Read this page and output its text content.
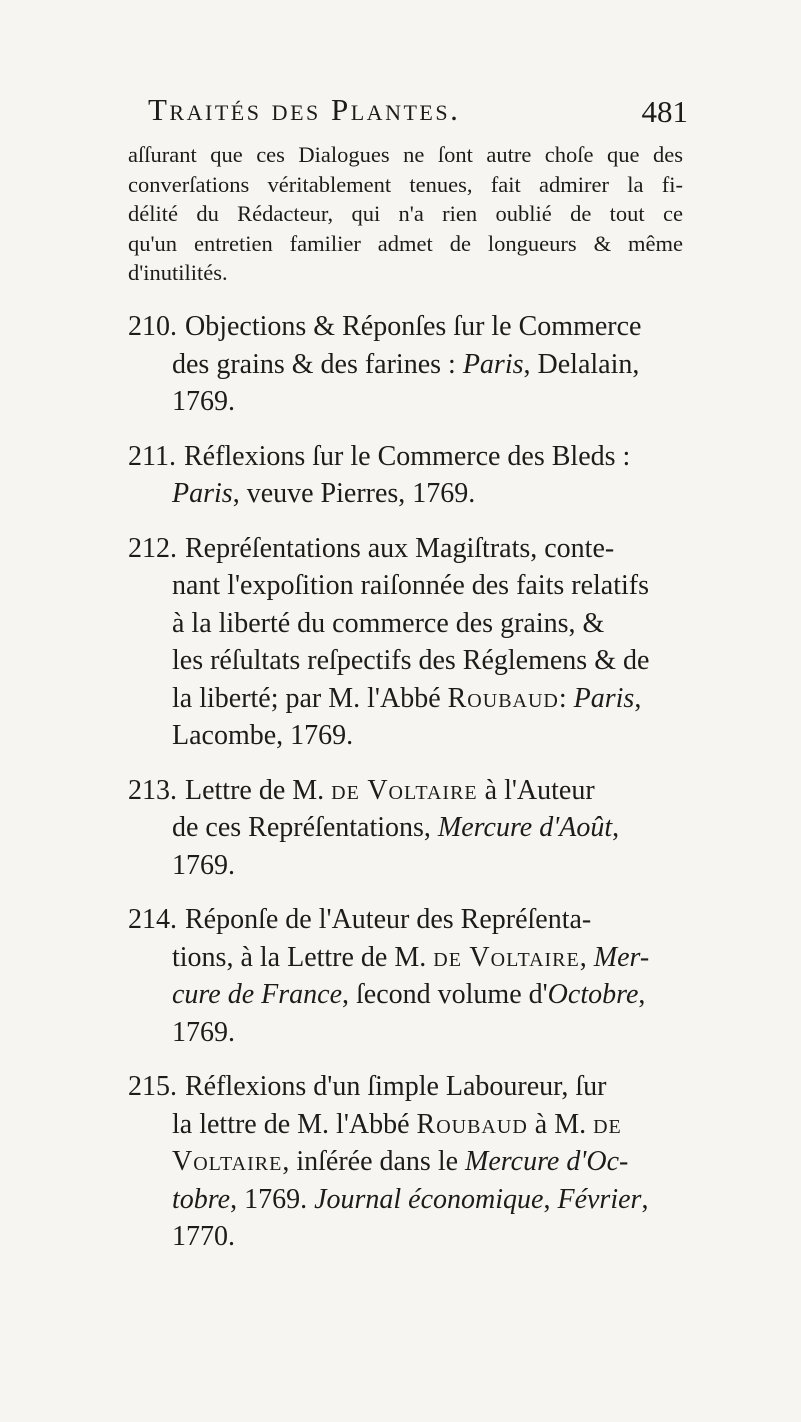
Traités des Plantes.	481
aſſurant que ces Dialogues ne ſont autre choſe que des
converſations véritablement tenues, fait admirer la fi-
délité du Rédacteur, qui n'a rien oublié de tout ce
qu'un entretien familier admet de longueurs & même
d'inutilités.
210. Objections & Réponſes ſur le Commerce
des grains & des farines : Paris, Delalain,
1769.
211. Réflexions ſur le Commerce des Bleds :
Paris, veuve Pierres, 1769.
212. Repréſentations aux Magiſtrats, conte-
nant l'expoſition raiſonnée des faits relatifs
à la liberté du commerce des grains, &
les réſultats reſpectifs des Réglemens & de
la liberté; par M. l'Abbé Roubaud: Paris,
Lacombe, 1769.
213. Lettre de M. de Voltaire à l'Auteur
de ces Repréſentations, Mercure d'Août,
1769.
214. Réponſe de l'Auteur des Repréſenta-
tions, à la Lettre de M. de Voltaire, Mer-
cure de France, ſecond volume d'Octobre,
1769.
215. Réflexions d'un ſimple Laboureur, ſur
la lettre de M. l'Abbé Roubaud à M. de
Voltaire, inſérée dans le Mercure d'Oc-
tobre, 1769. Journal économique, Février,
1770.
